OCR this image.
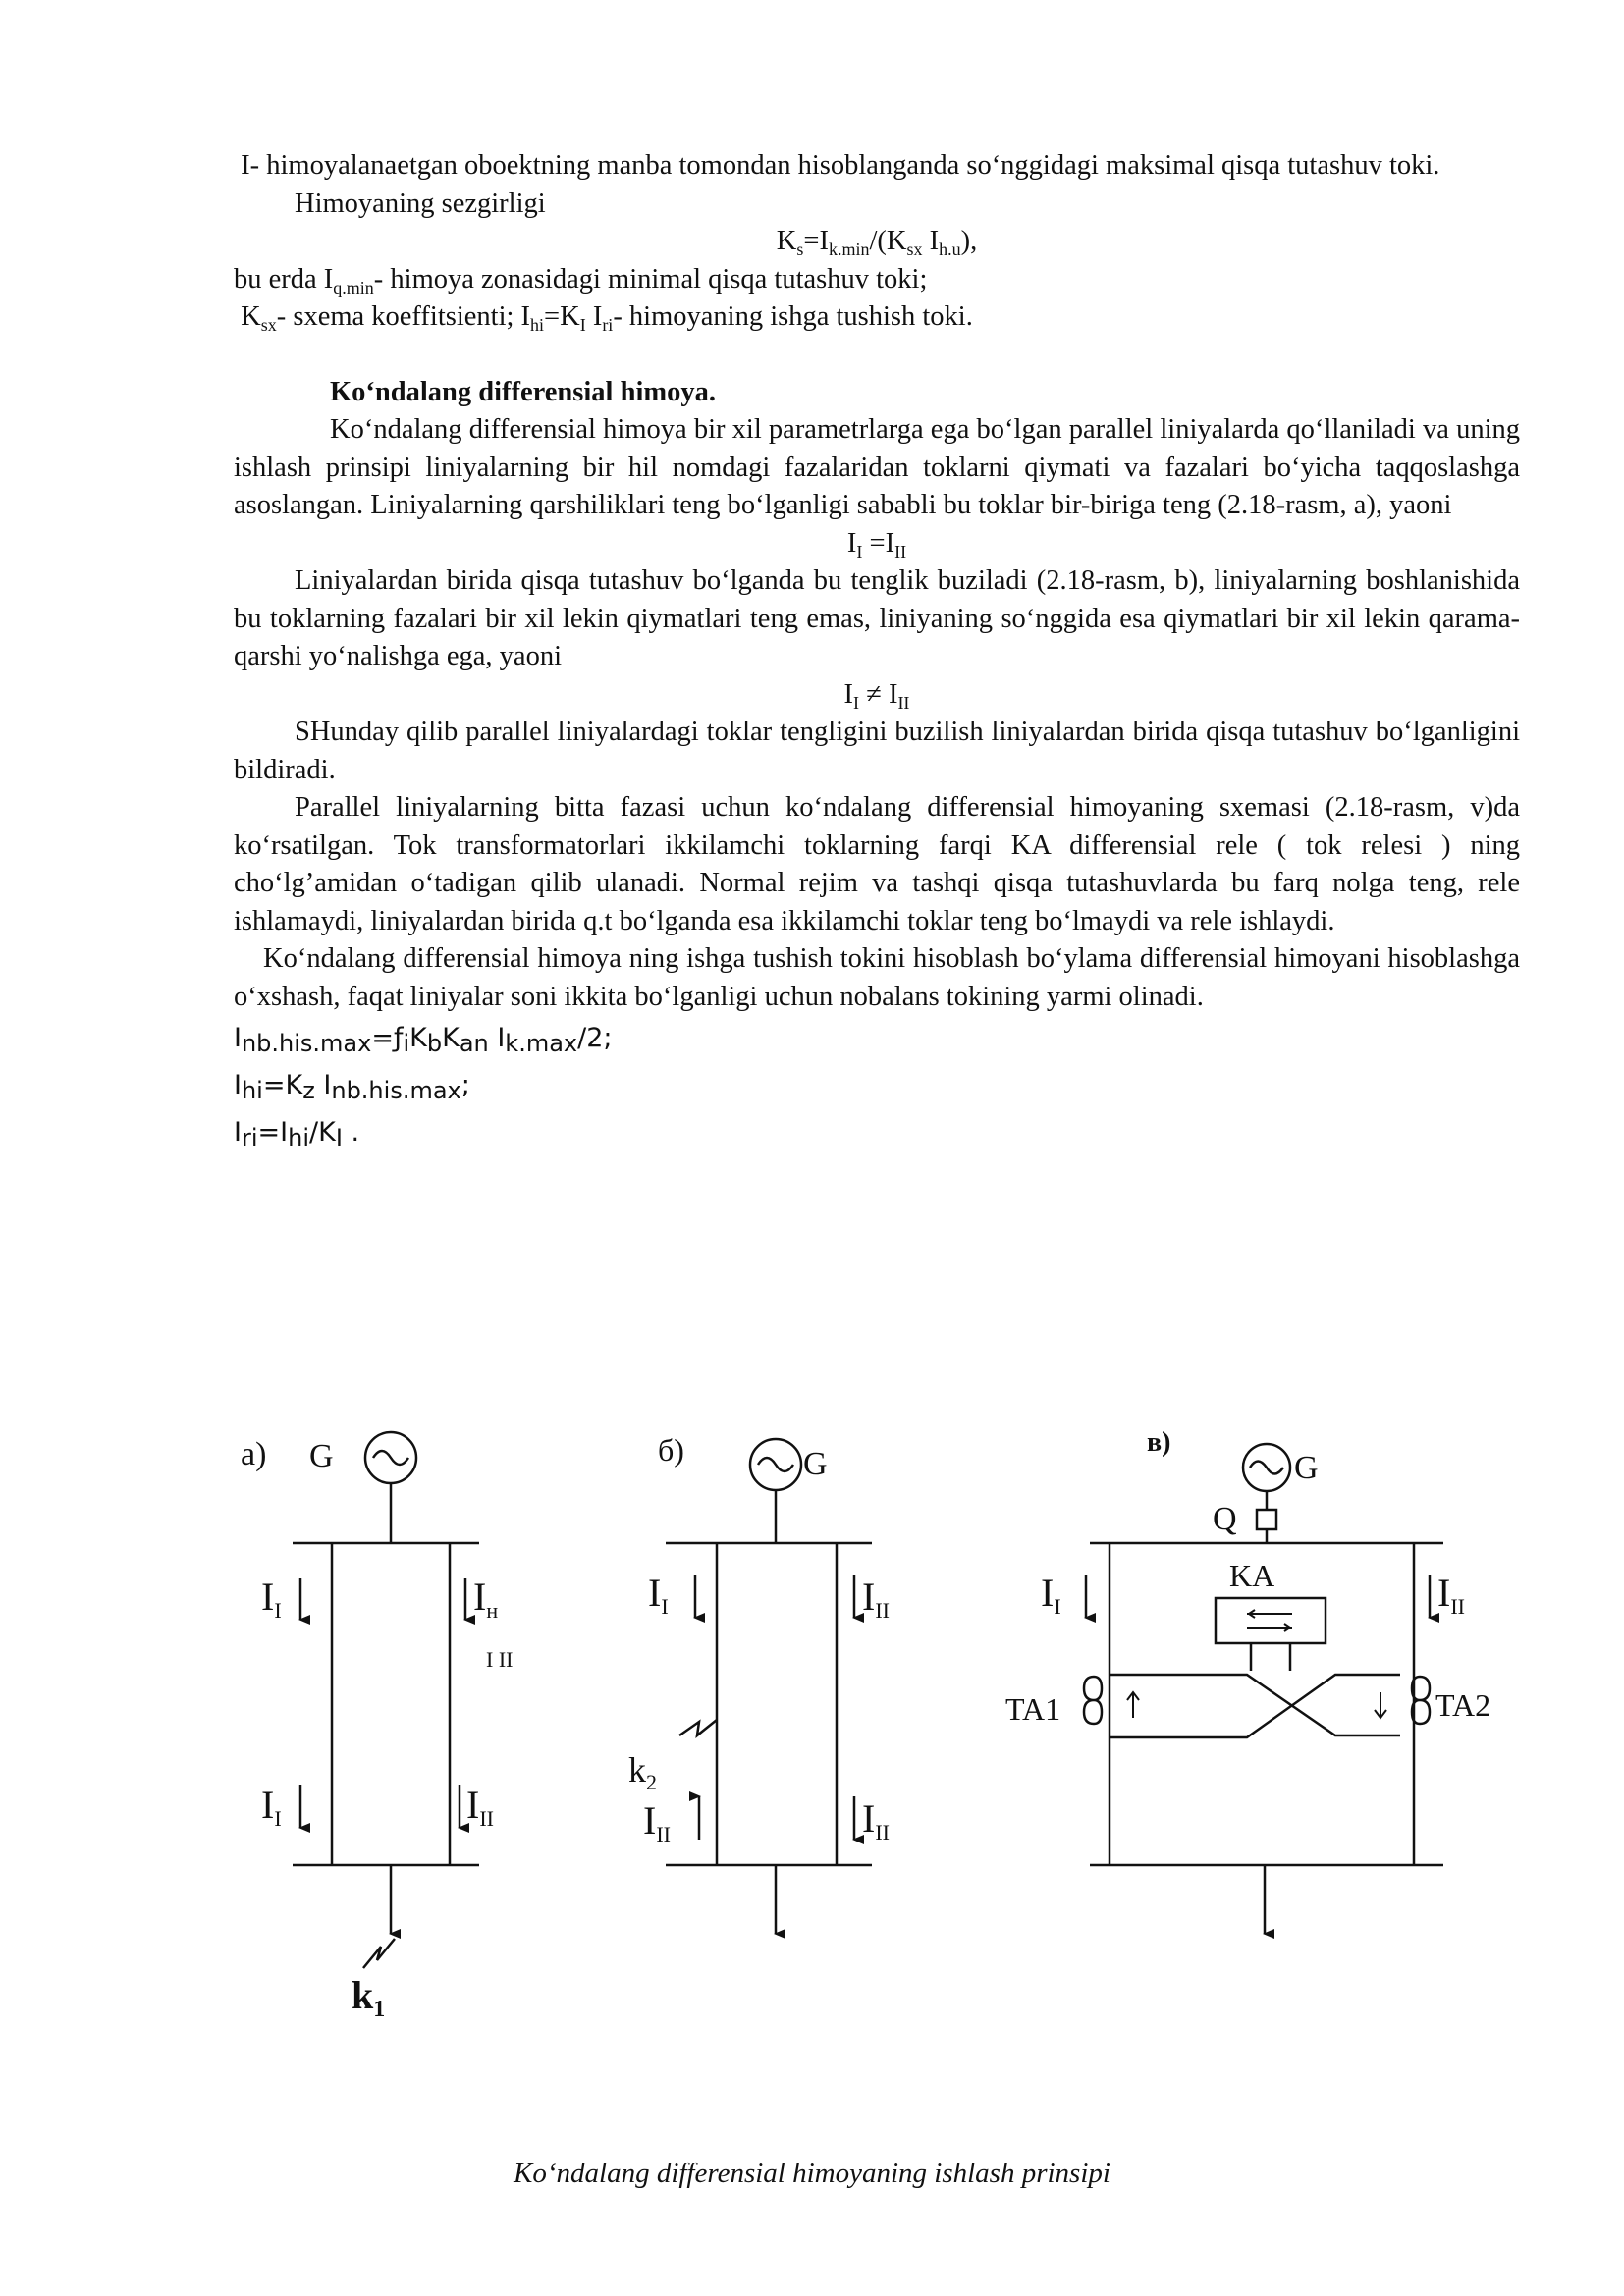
I- himoyalanaetgan oboektning manba tomondan hisoblanganda so‘nggidagi maksimal qisqa tutashuv toki.

Himoyaning sezgirligi

$K_s=I_{k.min}/(K_{sx}$ $I_{h.u}$),

bu erda $I_{q.min}-$ himoya zonasidagi minimal qisqa tutashuv toki;

$K_{sx}-$ sxema koeffitsienti; $I_{hi}=K_I$ $I_{ri}-$ himoyaning ishga tushish toki.

Ko‘ndalang differensial himoya.

Ko‘ndalang differensial himoya bir xil parametrlarga ega bo‘lgan parallel liniyalarda qo‘llaniladi va uning ishlash prinsipi liniyalarning bir hil nomdagi fazalaridan toklarni qiymati va fazalari bo‘yicha taqqoslashga asoslangan. Liniyalarning qarshiliklari teng bo‘lganligi sababli bu toklar bir-biriga teng (2.18-rasm, a), yaoni

$I_I =I_{II}$

Liniyalardan birida qisqa tutashuv bo‘lganda bu tenglik buziladi (2.18-rasm, b), liniyalarning boshlanishida bu toklarning fazalari bir xil lekin qiymatlari teng emas, liniyaning so‘nggida esa qiymatlari bir xil lekin qarama-qarshi yo‘nalishga ega, yaoni

$I_I \ne I_{II}$

SHunday qilib parallel liniyalardagi toklar tengligini buzilish liniyalardan birida qisqa tutashuv bo‘lganligini bildiradi.

Parallel liniyalarning bitta fazasi uchun ko‘ndalang differensial himoyaning sxemasi (2.18-rasm, v)da ko‘rsatilgan. Tok transformatorlari ikkilamchi toklarning farqi KA differensial rele ( tok relesi ) ning cho‘lg’amidan o‘tadigan qilib ulanadi. Normal rejim va tashqi qisqa tutashuvlarda bu farq nolga teng, rele ishlamaydi, liniyalardan birida q.t bo‘lganda esa ikkilamchi toklar teng bo‘lmaydi va rele ishlaydi.

Ko‘ndalang differensial himoya ning ishga tushish tokini hisoblash bo‘ylama differensial himoyani hisoblashga o‘xshash, faqat liniyalar soni ikkita bo‘lganligi uchun nobalans tokining yarmi olinadi.

$I_{nb.his.max}=ƒ_iK_bK_{an}$ $I_{k.max}/2$;

$I_{hi}=K_z$ $I_{nb.his.max}$;

$I_{ri}=I_{hi}/K_I$ .

а) G
$I_I$	$I_н$
I II
$I_I$	$I_{II}$
$k_1$
б)	G
$I_I$	$I_{II}$
$k_2$
$I_{II}$	$I_{II}$
в)
G
Q
$I_I$	$I_{II}$
KA
TA1	TA2
Ko‘ndalang differensial himoyaning ishlash prinsipi
